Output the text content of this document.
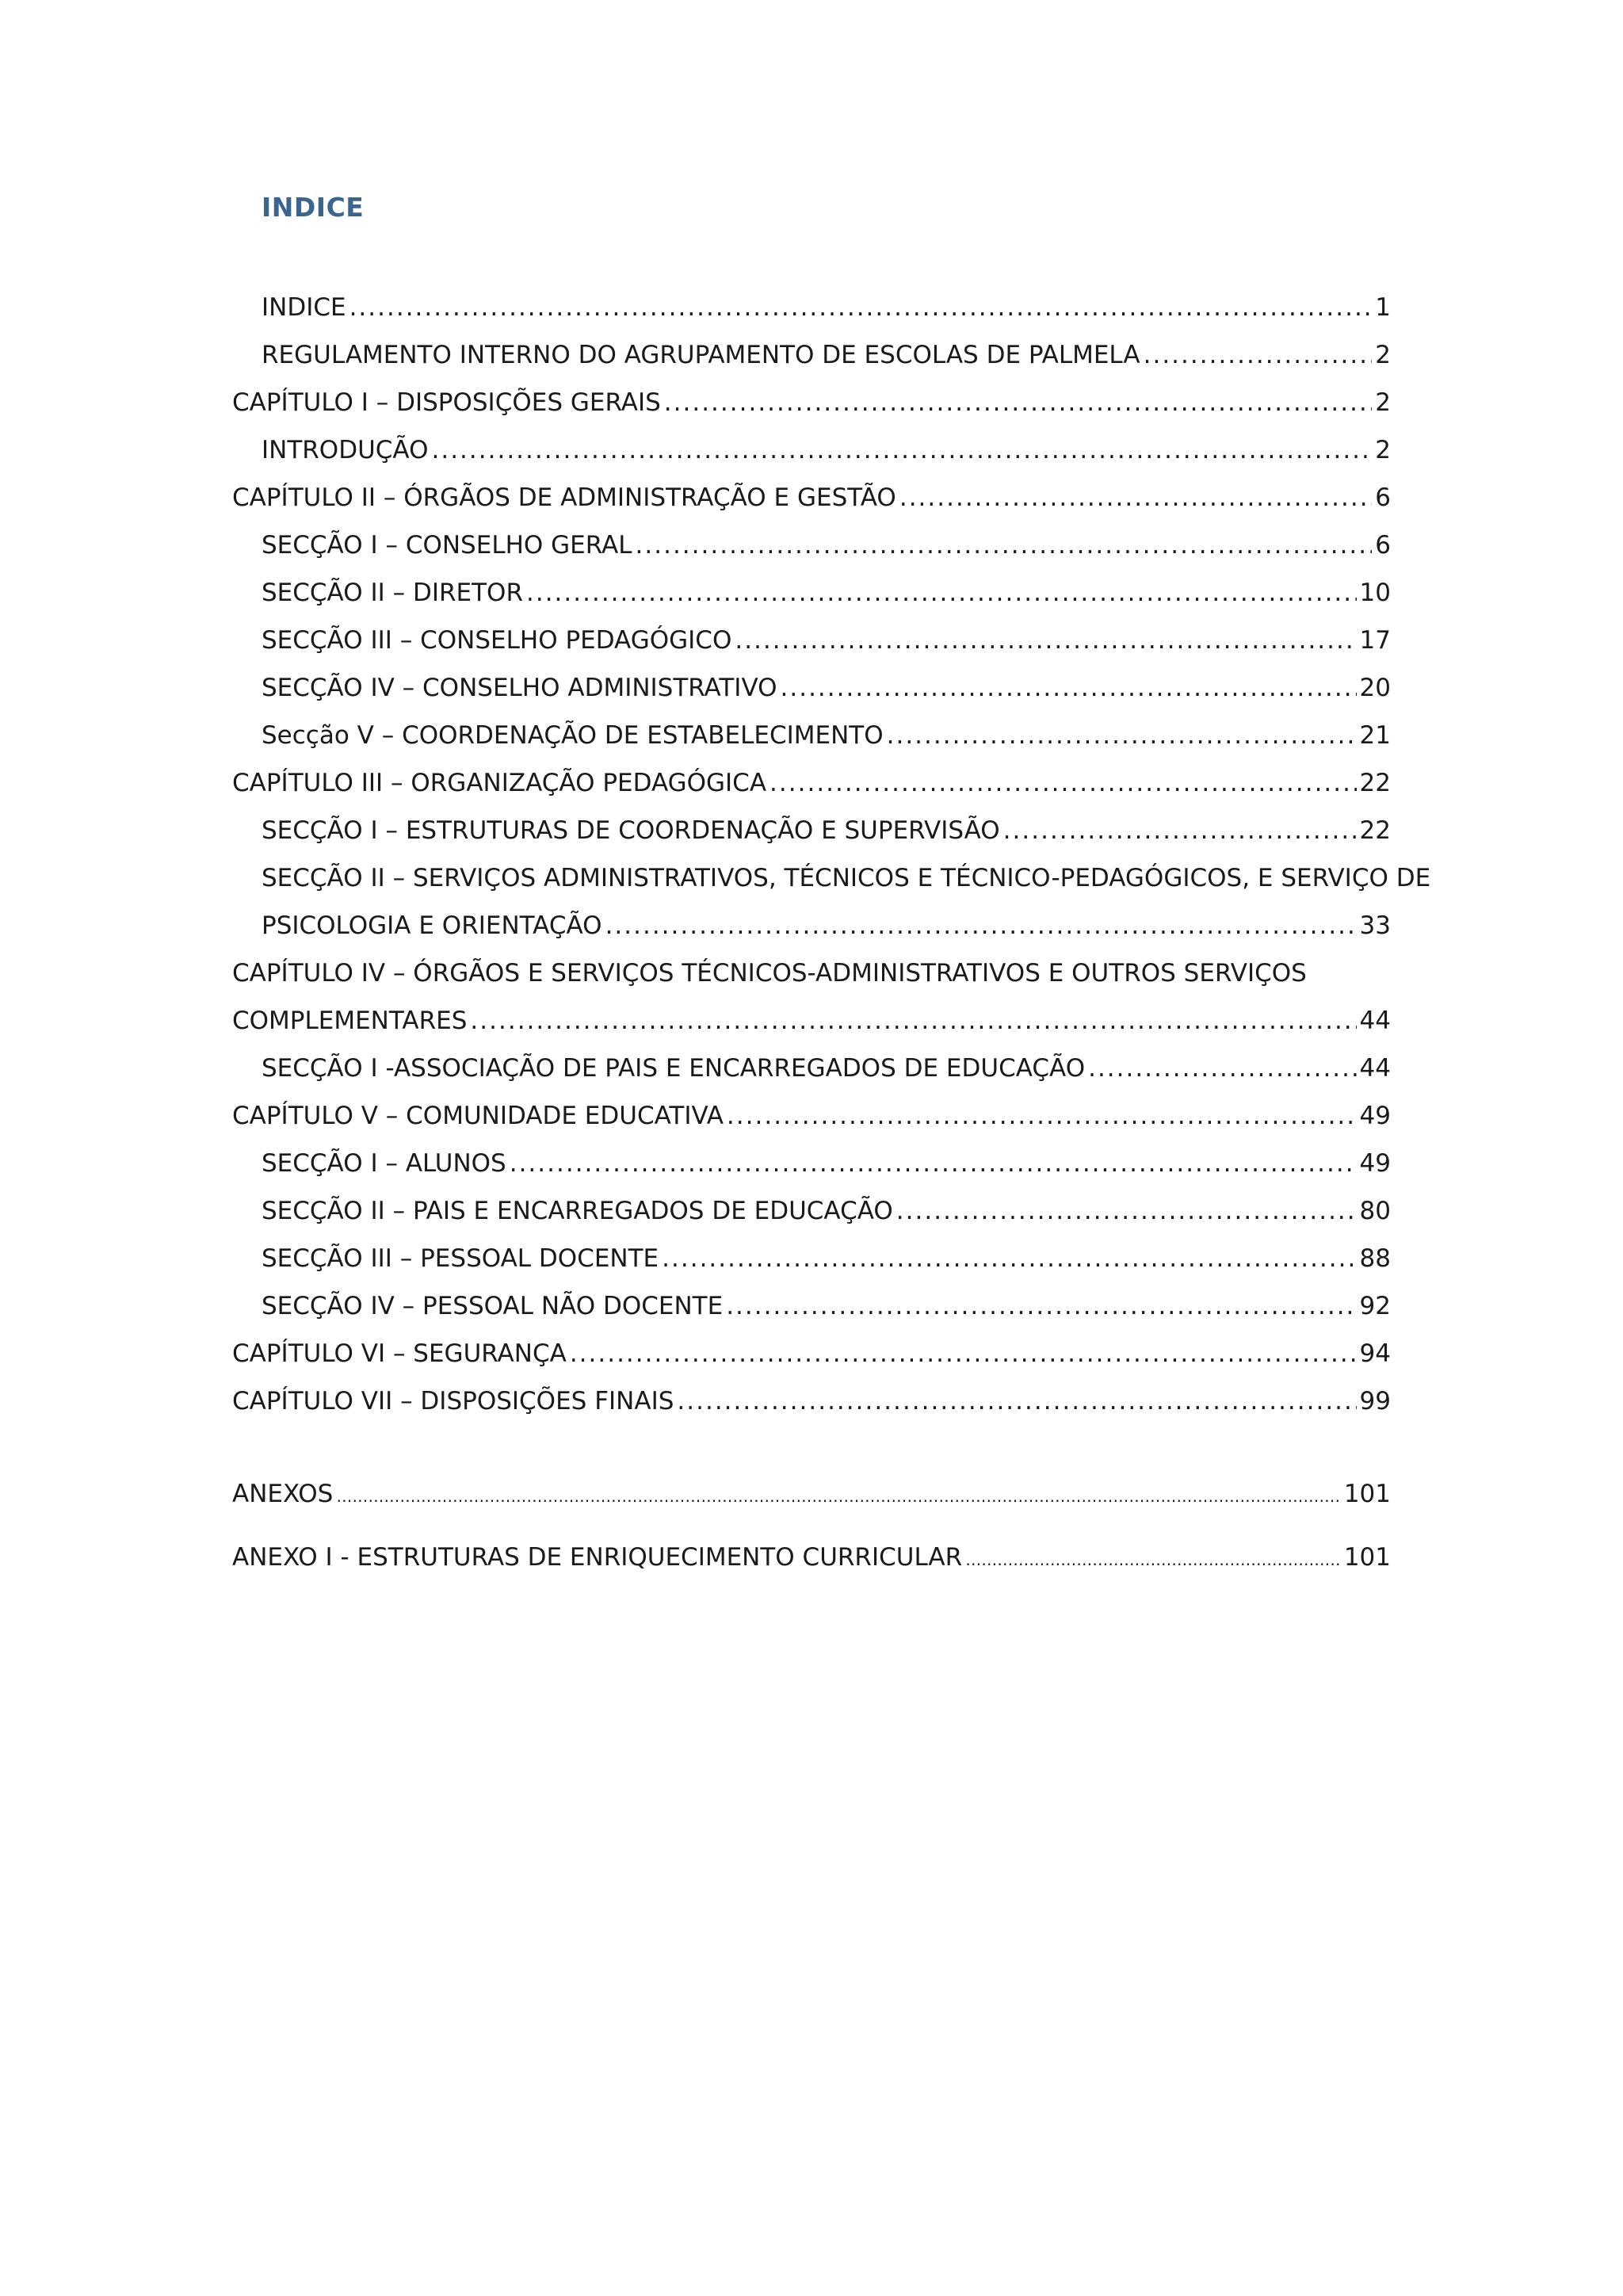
INDICE
INDICE .....	1
REGULAMENTO INTERNO DO AGRUPAMENTO DE ESCOLAS DE PALMELA .....	2
CAPÍTULO I – DISPOSIÇÕES GERAIS .....	2
INTRODUÇÃO .....	2
CAPÍTULO II – ÓRGÃOS DE ADMINISTRAÇÃO E GESTÃO .....	6
SECÇÃO I – CONSELHO GERAL .....	6
SECÇÃO II – DIRETOR .....	10
SECÇÃO III – CONSELHO PEDAGÓGICO .....	17
SECÇÃO IV – CONSELHO ADMINISTRATIVO .....	20
Secção V – COORDENAÇÃO DE ESTABELECIMENTO .....	21
CAPÍTULO III – ORGANIZAÇÃO PEDAGÓGICA .....	22
SECÇÃO I – ESTRUTURAS DE COORDENAÇÃO E SUPERVISÃO .....	22
SECÇÃO II – SERVIÇOS ADMINISTRATIVOS, TÉCNICOS E TÉCNICO-PEDAGÓGICOS, E SERVIÇO DE
PSICOLOGIA E ORIENTAÇÃO .....	33
CAPÍTULO IV – ÓRGÃOS E SERVIÇOS TÉCNICOS-ADMINISTRATIVOS E OUTROS SERVIÇOS
COMPLEMENTARES .....	44
SECÇÃO I -ASSOCIAÇÃO DE PAIS E ENCARREGADOS DE EDUCAÇÃO .....	44
CAPÍTULO V – COMUNIDADE EDUCATIVA .....	49
SECÇÃO I – ALUNOS .....	49
SECÇÃO II – PAIS E ENCARREGADOS DE EDUCAÇÃO .....	80
SECÇÃO III – PESSOAL DOCENTE .....	88
SECÇÃO IV – PESSOAL NÃO DOCENTE .....	92
CAPÍTULO VI – SEGURANÇA .....	94
CAPÍTULO VII – DISPOSIÇÕES FINAIS .....	99
ANEXOS ………………………………………………………………………………………………………………………………………………………………………………………………………………………………………………	101
ANEXO I - ESTRUTURAS DE ENRIQUECIMENTO CURRICULAR ………………………………………………………………………………………………………………………………………………………………………………………………………………………………………………	101
